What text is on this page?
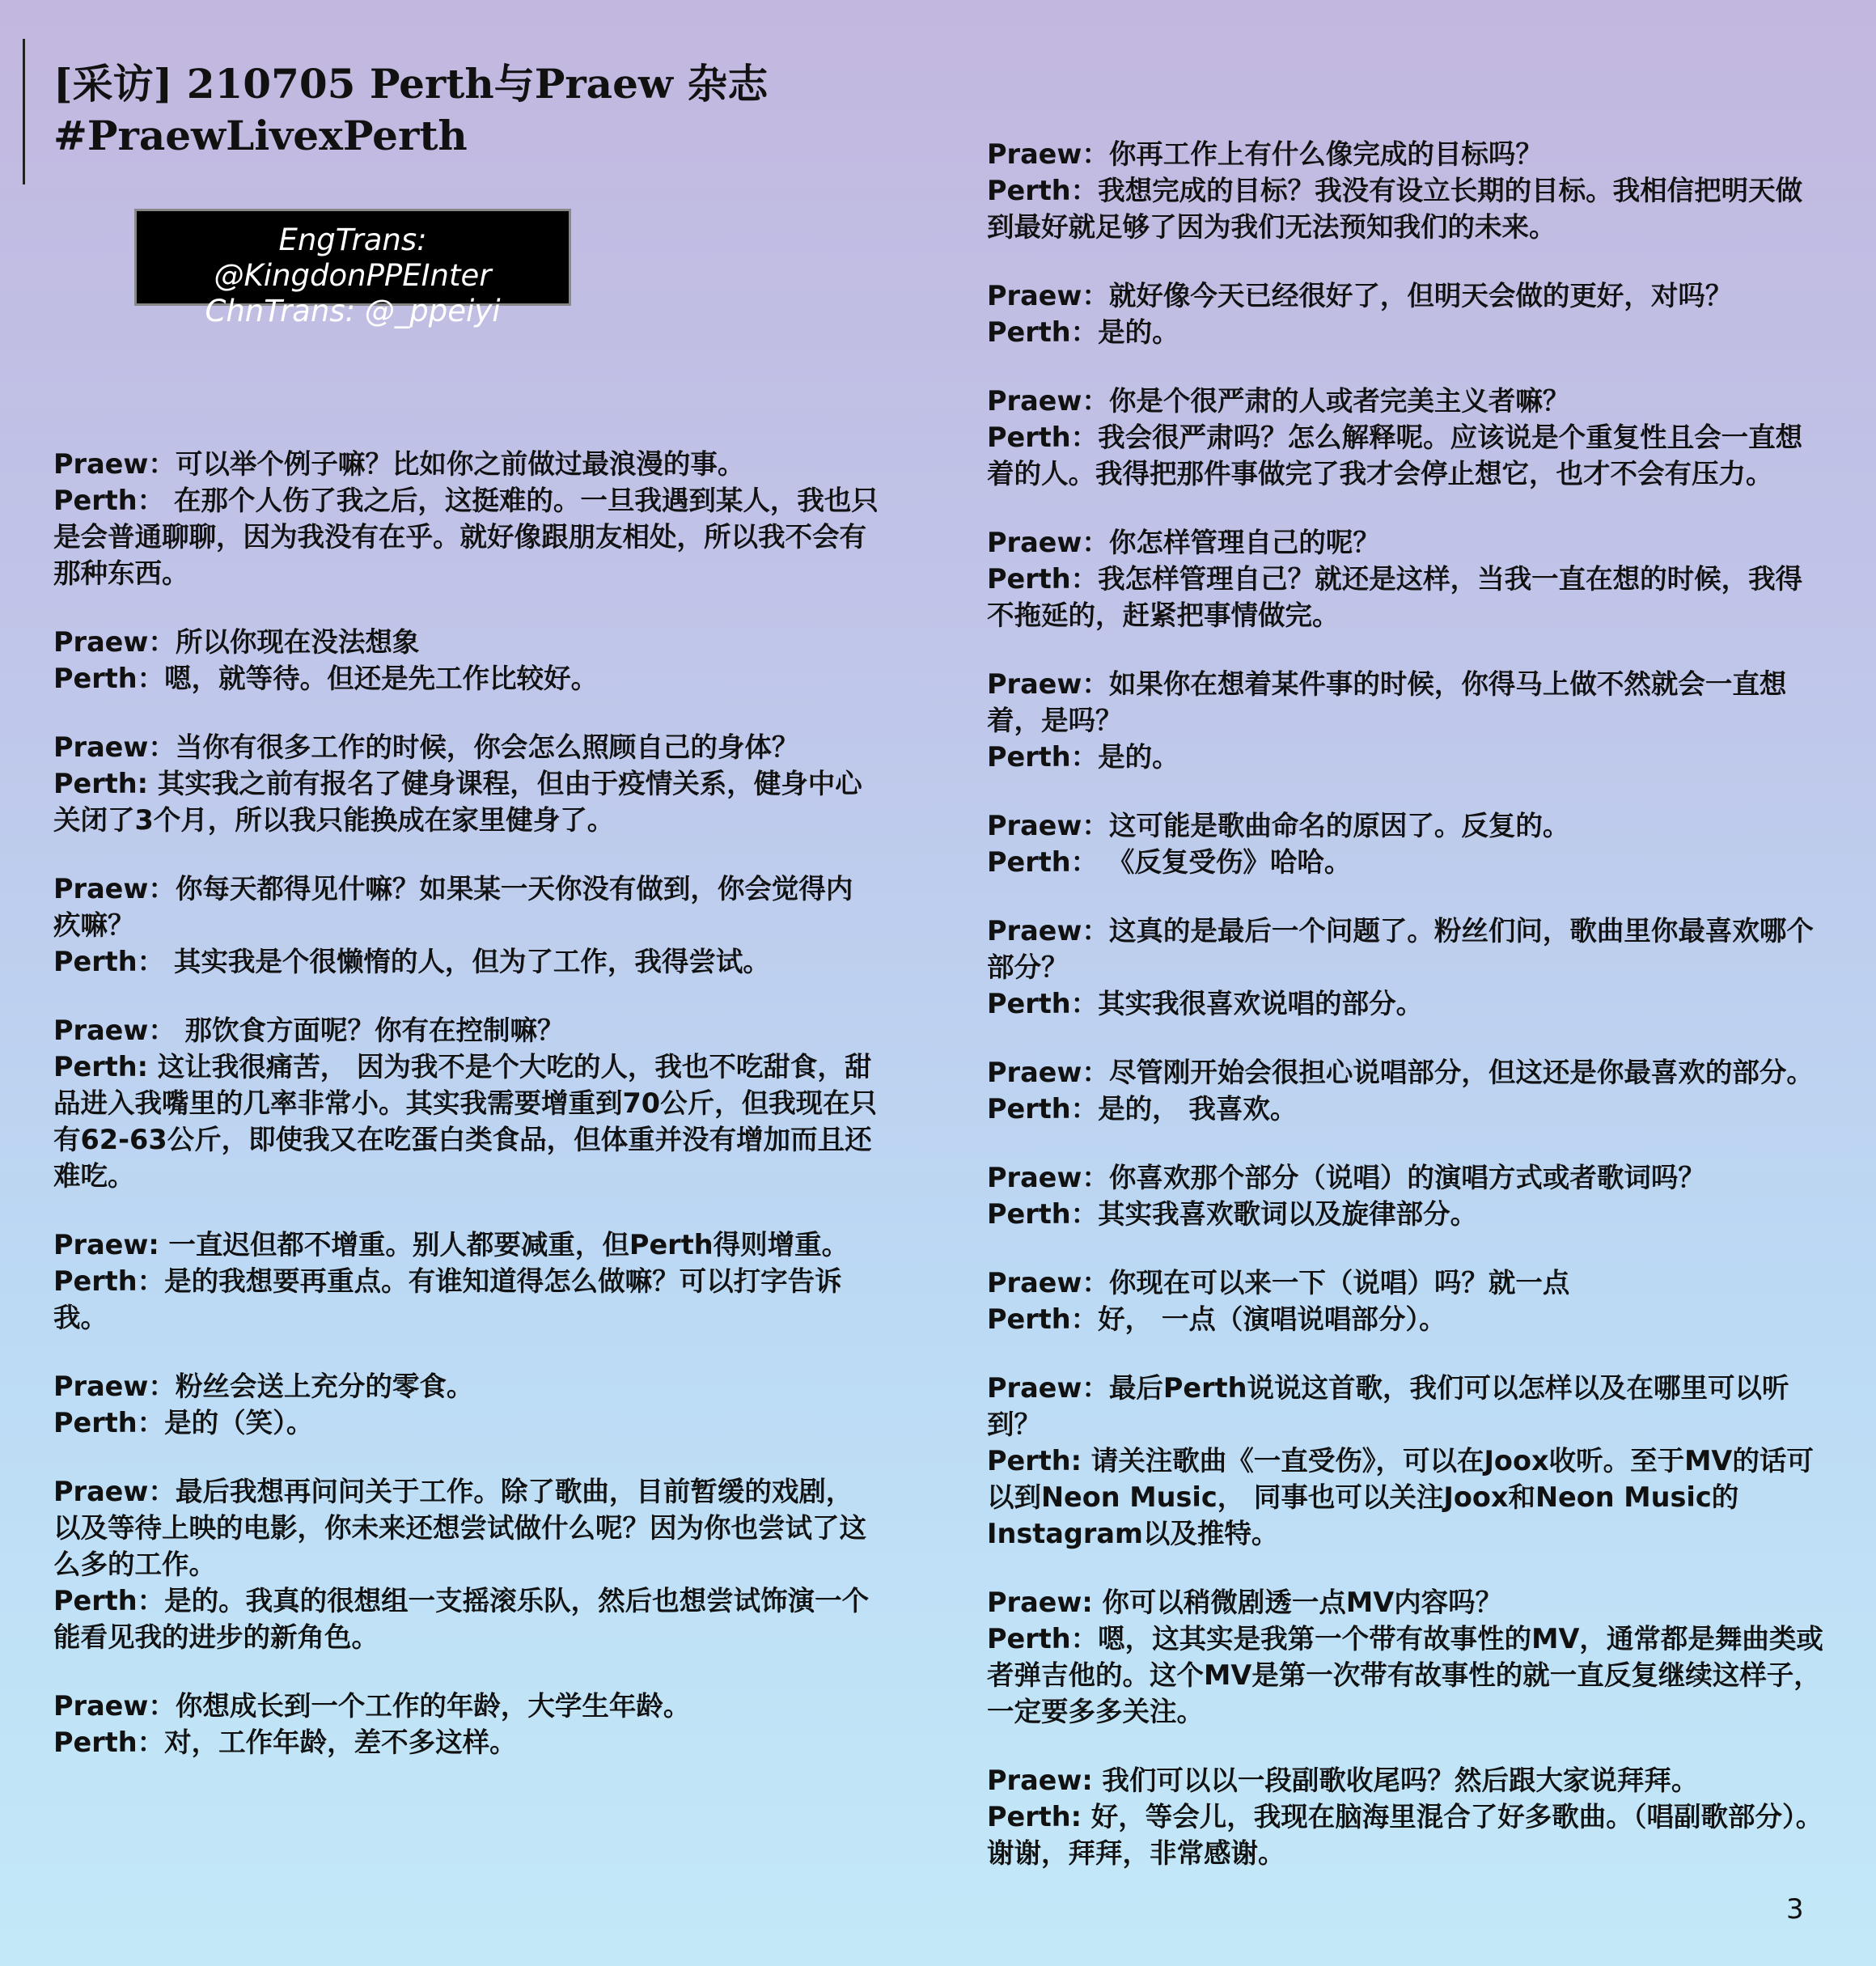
[采访] 210705 Perth与Praew 杂志
#PraewLivexPerth
EngTrans: @KingdonPPEInter
ChnTrans: @_ppeiyi

Praew：可以举个例子嘛？比如你之前做过最浪漫的事。

Perth： 在那个人伤了我之后，这挺难的。一旦我遇到某人，我也只是会普通聊聊，因为我没有在乎。就好像跟朋友相处，所以我不会有那种东西。

Praew：所以你现在没法想象

Perth：嗯，就等待。但还是先工作比较好。

Praew：当你有很多工作的时候，你会怎么照顾自己的身体？

Perth: 其实我之前有报名了健身课程，但由于疫情关系，健身中心关闭了3个月，所以我只能换成在家里健身了。

Praew：你每天都得见什嘛？如果某一天你没有做到，你会觉得内疚嘛？

Perth： 其实我是个很懒惰的人，但为了工作，我得尝试。

Praew： 那饮食方面呢？你有在控制嘛？

Perth: 这让我很痛苦， 因为我不是个大吃的人，我也不吃甜食，甜品进入我嘴里的几率非常小。其实我需要增重到70公斤，但我现在只有62-63公斤，即使我又在吃蛋白类食品，但体重并没有增加而且还难吃。

Praew: 一直迟但都不增重。别人都要减重，但Perth得则增重。

Perth：是的我想要再重点。有谁知道得怎么做嘛？可以打字告诉我。

Praew：粉丝会送上充分的零食。

Perth：是的（笑）。

Praew：最后我想再问问关于工作。除了歌曲，目前暂缓的戏剧，以及等待上映的电影，你未来还想尝试做什么呢？因为你也尝试了这么多的工作。

Perth：是的。我真的很想组一支摇滚乐队，然后也想尝试饰演一个能看见我的进步的新角色。

Praew：你想成长到一个工作的年龄，大学生年龄。

Perth：对，工作年龄，差不多这样。

Praew：你再工作上有什么像完成的目标吗？

Perth：我想完成的目标？我没有设立长期的目标。我相信把明天做到最好就足够了因为我们无法预知我们的未来。

Praew：就好像今天已经很好了，但明天会做的更好，对吗？

Perth：是的。

Praew：你是个很严肃的人或者完美主义者嘛？

Perth：我会很严肃吗？怎么解释呢。应该说是个重复性且会一直想着的人。我得把那件事做完了我才会停止想它，也才不会有压力。

Praew：你怎样管理自己的呢？

Perth：我怎样管理自己？就还是这样，当我一直在想的时候，我得不拖延的，赶紧把事情做完。

Praew：如果你在想着某件事的时候，你得马上做不然就会一直想着，是吗？

Perth：是的。

Praew：这可能是歌曲命名的原因了。反复的。

Perth： 《反复受伤》哈哈。

Praew：这真的是最后一个问题了。粉丝们问，歌曲里你最喜欢哪个部分？

Perth：其实我很喜欢说唱的部分。

Praew：尽管刚开始会很担心说唱部分，但这还是你最喜欢的部分。

Perth：是的， 我喜欢。

Praew：你喜欢那个部分（说唱）的演唱方式或者歌词吗？

Perth：其实我喜欢歌词以及旋律部分。

Praew：你现在可以来一下（说唱）吗？就一点

Perth：好， 一点（演唱说唱部分）。

Praew：最后Perth说说这首歌，我们可以怎样以及在哪里可以听到？

Perth: 请关注歌曲《一直受伤》，可以在Joox收听。至于MV的话可以到Neon Music， 同事也可以关注Joox和Neon Music的Instagram以及推特。

Praew: 你可以稍微剧透一点MV内容吗？

Perth：嗯，这其实是我第一个带有故事性的MV，通常都是舞曲类或者弹吉他的。这个MV是第一次带有故事性的就一直反复继续这样子，一定要多多关注。

Praew: 我们可以以一段副歌收尾吗？然后跟大家说拜拜。

Perth: 好，等会儿，我现在脑海里混合了好多歌曲。（唱副歌部分）。谢谢，拜拜，非常感谢。

3
